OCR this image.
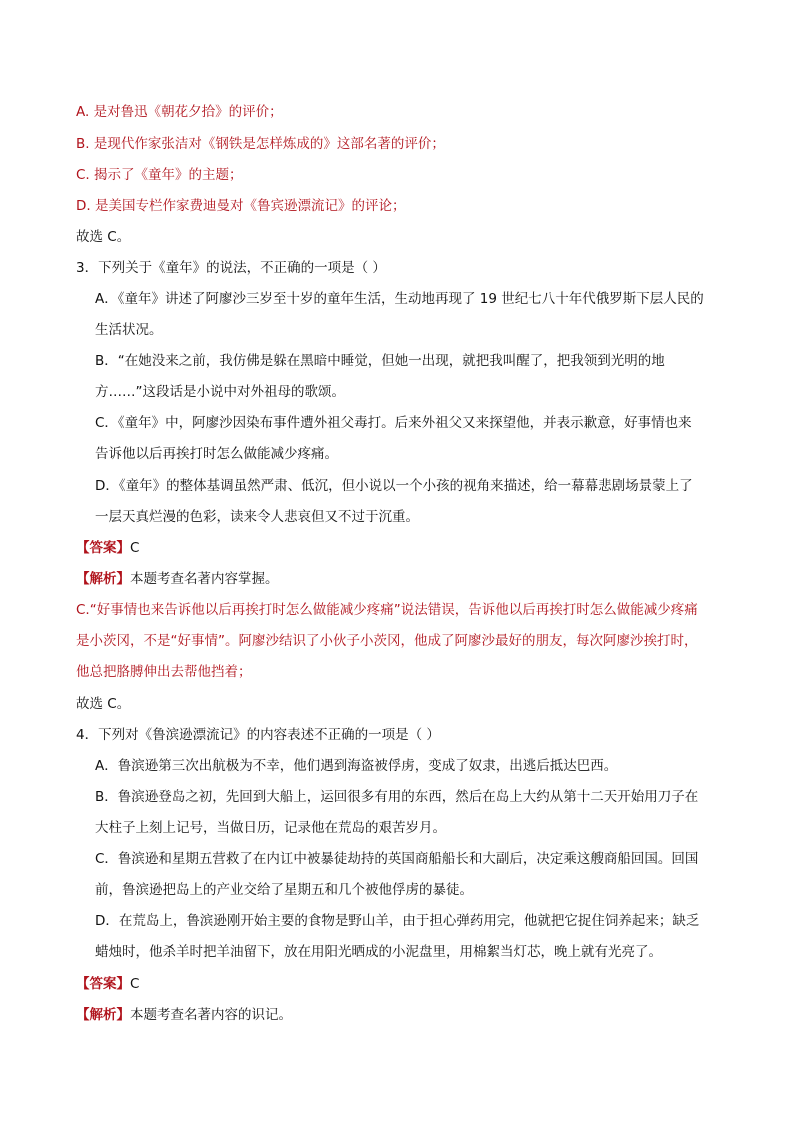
A. 是对鲁迅《朝花夕拾》的评价；
B. 是现代作家张洁对《钢铁是怎样炼成的》这部名著的评价；
C. 揭示了《童年》的主题；
D. 是美国专栏作家费迪曼对《鲁宾逊漂流记》的评论；
故选 C。
3．下列关于《童年》的说法，不正确的一项是（ ）
A．《童年》讲述了阿廖沙三岁至十岁的童年生活，生动地再现了 19 世纪七八十年代俄罗斯下层人民的
生活状况。
B．“在她没来之前，我仿佛是躲在黑暗中睡觉，但她一出现，就把我叫醒了，把我领到光明的地
方……”这段话是小说中对外祖母的歌颂。
C．《童年》中，阿廖沙因染布事件遭外祖父毒打。后来外祖父又来探望他，并表示歉意，好事情也来
告诉他以后再挨打时怎么做能减少疼痛。
D．《童年》的整体基调虽然严肃、低沉，但小说以一个小孩的视角来描述，给一幕幕悲剧场景蒙上了
一层天真烂漫的色彩，读来令人悲哀但又不过于沉重。
【答案】C
【解析】本题考查名著内容掌握。
C.“好事情也来告诉他以后再挨打时怎么做能减少疼痛”说法错误，告诉他以后再挨打时怎么做能减少疼痛
是小茨冈，不是“好事情”。阿廖沙结识了小伙子小茨冈，他成了阿廖沙最好的朋友，每次阿廖沙挨打时，
他总把胳膊伸出去帮他挡着；
故选 C。
4．下列对《鲁滨逊漂流记》的内容表述不正确的一项是（ ）
A．鲁滨逊第三次出航极为不幸，他们遇到海盗被俘虏，变成了奴隶，出逃后抵达巴西。
B．鲁滨逊登岛之初，先回到大船上，运回很多有用的东西，然后在岛上大约从第十二天开始用刀子在
大柱子上刻上记号，当做日历，记录他在荒岛的艰苦岁月。
C．鲁滨逊和星期五营救了在内讧中被暴徒劫持的英国商船船长和大副后，决定乘这艘商船回国。回国
前，鲁滨逊把岛上的产业交给了星期五和几个被他俘虏的暴徒。
D．在荒岛上，鲁滨逊刚开始主要的食物是野山羊，由于担心弹药用完，他就把它捉住饲养起来；缺乏
蜡烛时，他杀羊时把羊油留下，放在用阳光晒成的小泥盘里，用棉絮当灯芯，晚上就有光亮了。
【答案】C
【解析】本题考查名著内容的识记。
